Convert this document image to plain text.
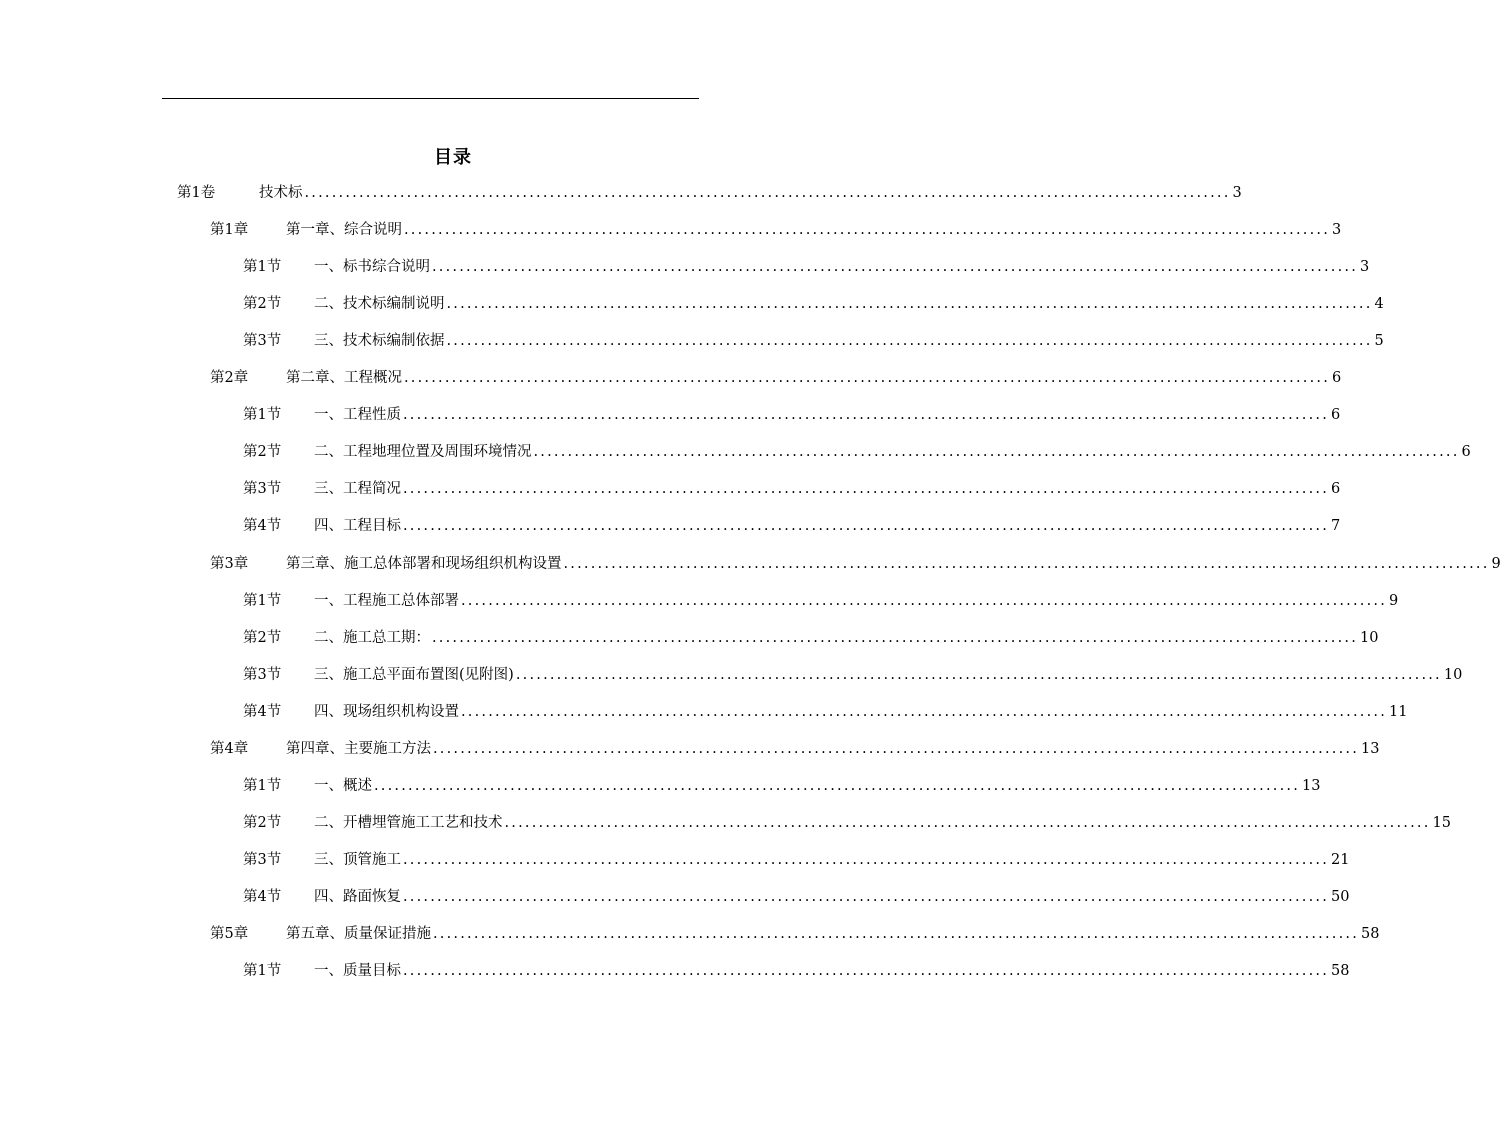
目录
第1卷	技术标 ........................................................................................................................................ 3
第1章	第一章、综合说明 ........................................................................................................................................ 3
第1节	一、标书综合说明 ........................................................................................................................................ 3
第2节	二、技术标编制说明 ........................................................................................................................................ 4
第3节	三、技术标编制依据 ........................................................................................................................................ 5
第2章	第二章、工程概况 ........................................................................................................................................ 6
第1节	一、工程性质 ........................................................................................................................................ 6
第2节	二、工程地理位置及周围环境情况 ........................................................................................................................................ 6
第3节	三、工程简况 ........................................................................................................................................ 6
第4节	四、工程目标 ........................................................................................................................................ 7
第3章	第三章、施工总体部署和现场组织机构设置 ........................................................................................................................................ 9
第1节	一、工程施工总体部署 ........................................................................................................................................ 9
第2节	二、施工总工期： ........................................................................................................................................ 10
第3节	三、施工总平面布置图(见附图) ........................................................................................................................................ 10
第4节	四、现场组织机构设置 ........................................................................................................................................ 11
第4章	第四章、主要施工方法 ........................................................................................................................................ 13
第1节	一、概述 ........................................................................................................................................ 13
第2节	二、开槽埋管施工工艺和技术 ........................................................................................................................................ 15
第3节	三、顶管施工 ........................................................................................................................................ 21
第4节	四、路面恢复 ........................................................................................................................................ 50
第5章	第五章、质量保证措施 ........................................................................................................................................ 58
第1节	一、质量目标 ........................................................................................................................................ 58
